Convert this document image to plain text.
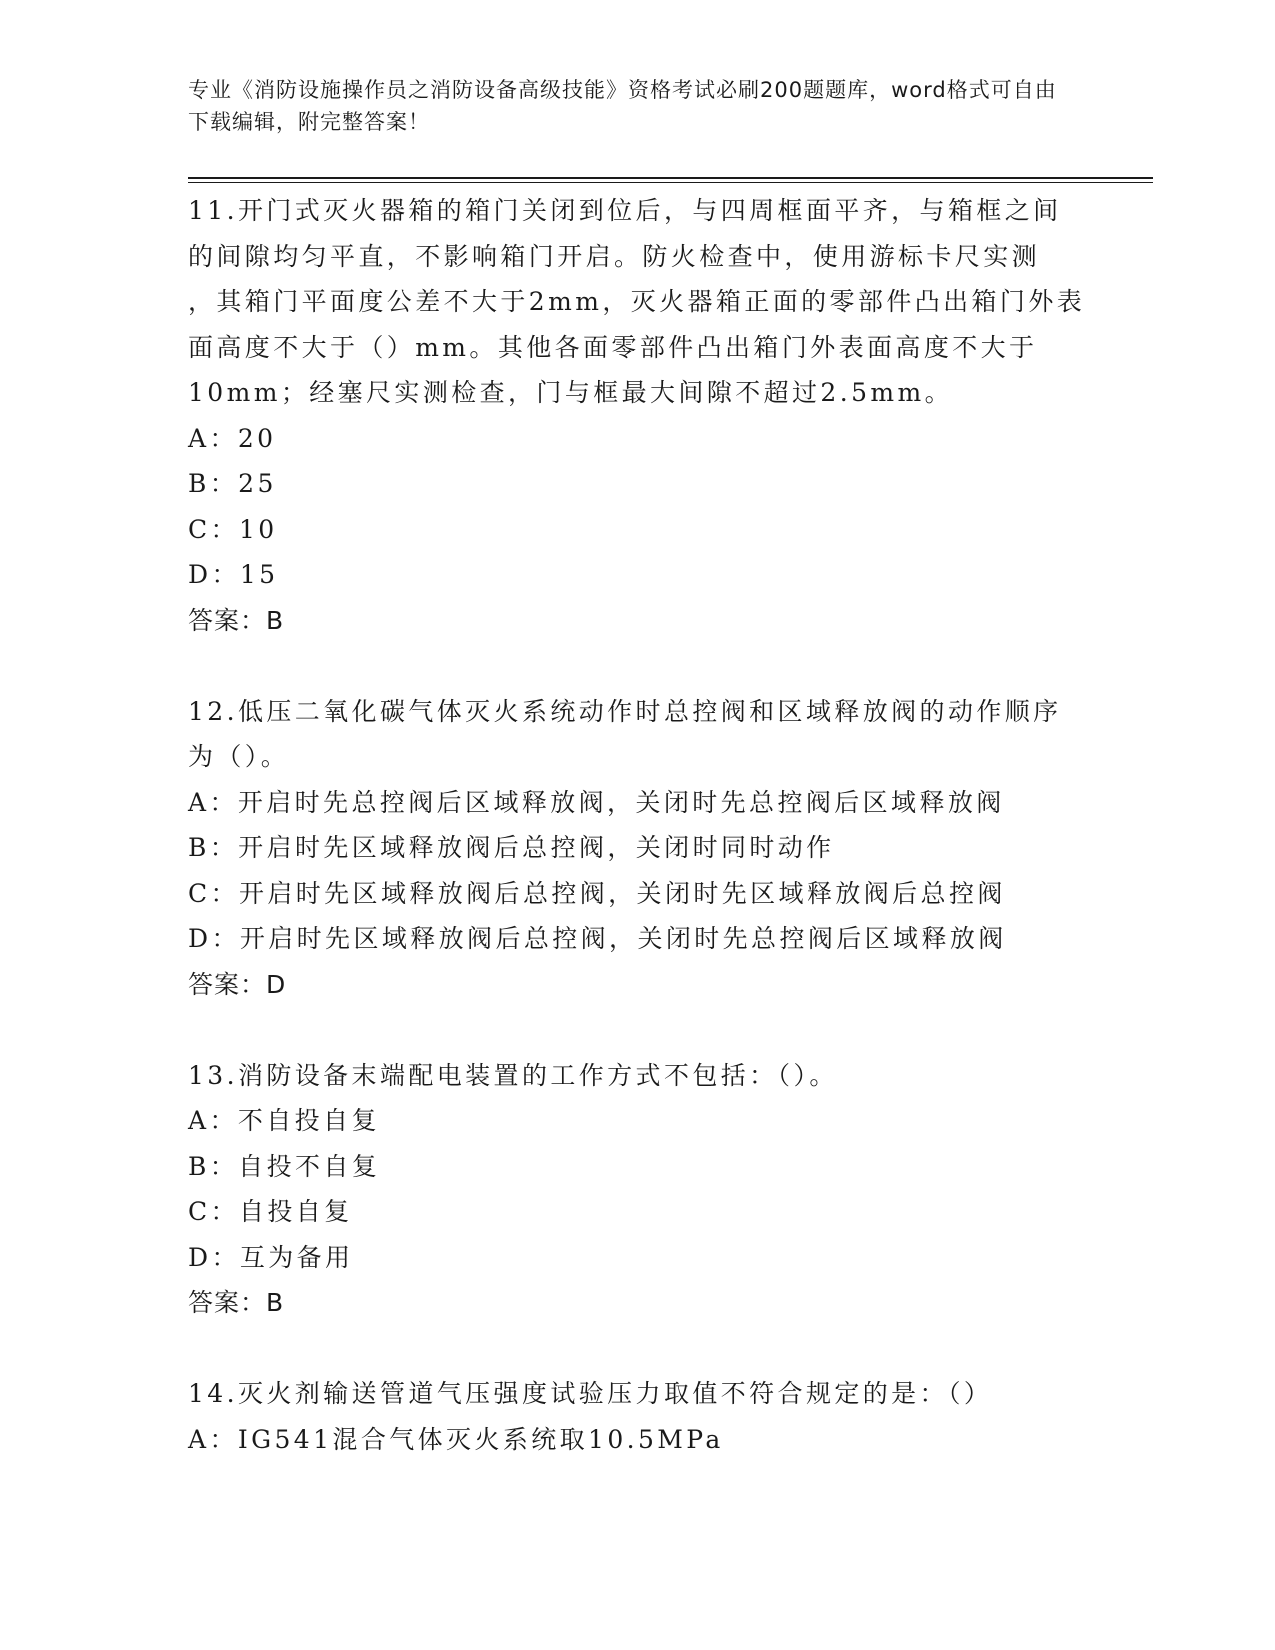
专业《消防设施操作员之消防设备高级技能》资格考试必刷200题题库，word格式可自由下载编辑，附完整答案！
11.开门式灭火器箱的箱门关闭到位后，与四周框面平齐，与箱框之间
的间隙均匀平直，不影响箱门开启。防火检查中，使用游标卡尺实测
，其箱门平面度公差不大于2mm，灭火器箱正面的零部件凸出箱门外表
面高度不大于（）mm。其他各面零部件凸出箱门外表面高度不大于
10mm；经塞尺实测检查，门与框最大间隙不超过2.5mm。
A：20
B：25
C：10
D：15
答案：B
12.低压二氧化碳气体灭火系统动作时总控阀和区域释放阀的动作顺序
为（）。
A：开启时先总控阀后区域释放阀，关闭时先总控阀后区域释放阀
B：开启时先区域释放阀后总控阀，关闭时同时动作
C：开启时先区域释放阀后总控阀，关闭时先区域释放阀后总控阀
D：开启时先区域释放阀后总控阀，关闭时先总控阀后区域释放阀
答案：D
13.消防设备末端配电装置的工作方式不包括：（）。
A：不自投自复
B：自投不自复
C：自投自复
D：互为备用
答案：B
14.灭火剂输送管道气压强度试验压力取值不符合规定的是：（）
A：IG541混合气体灭火系统取10.5MPa
